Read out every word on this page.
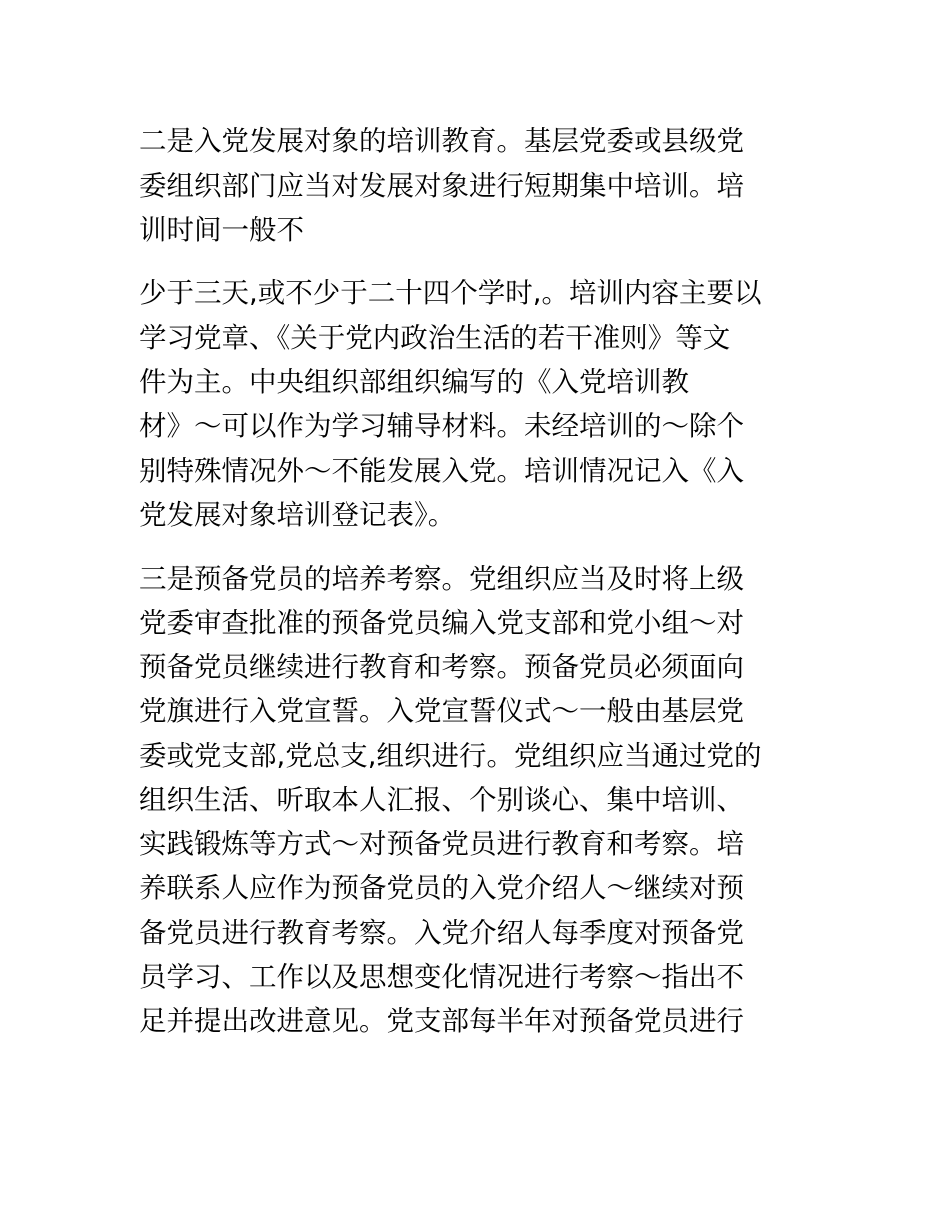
二是入党发展对象的培训教育。基层党委或县级党

委组织部门应当对发展对象进行短期集中培训。培

训时间一般不

少于三天,或不少于二十四个学时,。培训内容主要以

学习党章、《关于党内政治生活的若干准则》等文

件为主。中央组织部组织编写的《入党培训教

材》～可以作为学习辅导材料。未经培训的～除个

别特殊情况外～不能发展入党。培训情况记入《入

党发展对象培训登记表》。

三是预备党员的培养考察。党组织应当及时将上级

党委审查批准的预备党员编入党支部和党小组～对

预备党员继续进行教育和考察。预备党员必须面向

党旗进行入党宣誓。入党宣誓仪式～一般由基层党

委或党支部,党总支,组织进行。党组织应当通过党的

组织生活、听取本人汇报、个别谈心、集中培训、

实践锻炼等方式～对预备党员进行教育和考察。培

养联系人应作为预备党员的入党介绍人～继续对预

备党员进行教育考察。入党介绍人每季度对预备党

员学习、工作以及思想变化情况进行考察～指出不

足并提出改进意见。党支部每半年对预备党员进行
